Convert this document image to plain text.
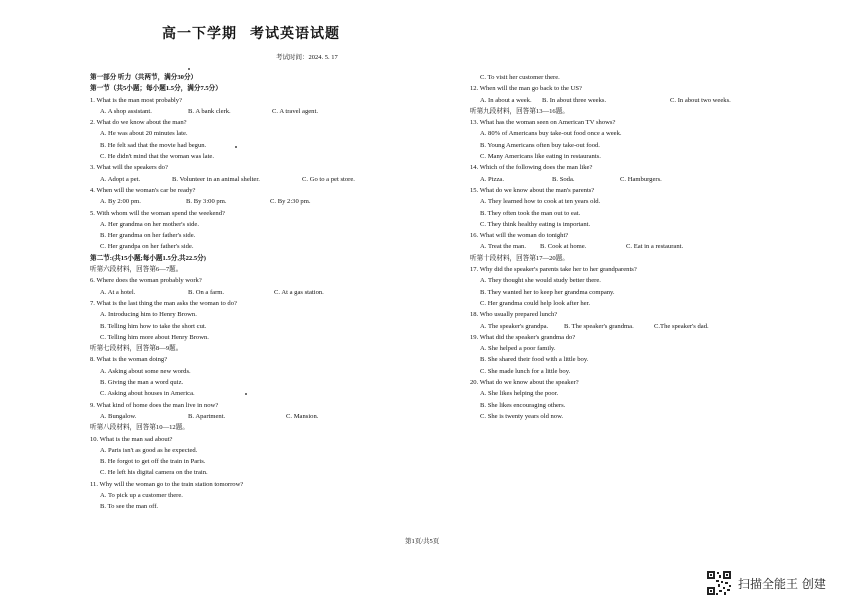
高一下学期 考试英语试题
考试时间：2024. 5. 17
第一部分 听力（共两节，满分30分）
第一节（共5小题；每小题1.5分，满分7.5分）
1. What is the man most probably?
A. A shop assistant.	B. A bank clerk.	C. A travel agent.
2. What do we know about the man?
A. He was about 20 minutes late.
B. He felt sad that the movie had begun.
C. He didn't mind that the woman was late.
3. What will the speakers do?
A. Adopt a pet.	B. Volunteer in an animal shelter.	C. Go to a pet store.
4. When will the woman's car be ready?
A. By 2:00 pm.	B. By 3:00 pm.	C. By 2:30 pm.
5. With whom will the woman spend the weekend?
A. Her grandma on her mother's side.
B. Her grandma on her father's side.
C. Her grandpa on her father's side.
第二节:(共15小题;每小题1.5分,共22.5分)
听第六段材料，回答第6—7题。
6. Where does the woman probably work?
A. At a hotel.	B. On a farm.	C. At a gas station.
7. What is the last thing the man asks the woman to do?
A. Introducing him to Henry Brown.
B. Telling him how to take the short cut.
C. Telling him more about Henry Brown.
听第七段材料，回答第8—9题。
8. What is the woman doing?
A. Asking about some new words.
B. Giving the man a word quiz.
C. Asking about houses in America.
9. What kind of home does the man live in now?
A. Bungalow.	B. Apartment.	C. Mansion.
听第八段材料，回答第10—12题。
10. What is the man sad about?
A. Paris isn't as good as he expected.
B. He forgot to get off the train in Paris.
C. He left his digital camera on the train.
11. Why will the woman go to the train station tomorrow?
A. To pick up a customer there.
B. To see the man off.
C. To visit her customer there.
12. When will the man go back to the US?
A. In about a week.	B. In about three weeks.	C. In about two weeks.
听第九段材料，回答第13—16题。
13. What has the woman seen on American TV shows?
A. 80% of Americans buy take-out food once a week.
B. Young Americans often buy take-out food.
C. Many Americans like eating in restaurants.
14. Which of the following does the man like?
A. Pizza.	B. Soda.	C. Hamburgers.
15. What do we know about the man's parents?
A. They learned how to cook at ten years old.
B. They often took the man out to eat.
C. They think healthy eating is important.
16. What will the woman do tonight?
A. Treat the man.	B. Cook at home.	C. Eat in a restaurant.
听第十段材料，回答第17—20题。
17. Why did the speaker's parents take her to her grandparents?
A. They thought she would study better there.
B. They wanted her to keep her grandma company.
C. Her grandma could help look after her.
18. Who usually prepared lunch?
A. The speaker's grandpa.	B. The speaker's grandma.	C.The speaker's dad.
19. What did the speaker's grandma do?
A. She helped a poor family.
B. She shared their food with a little boy.
C. She made lunch for a little boy.
20. What do we know about the speaker?
A. She likes helping the poor.
B. She likes encouraging others.
C. She is twenty years old now.
第1页/共5页
扫描全能王 创建
